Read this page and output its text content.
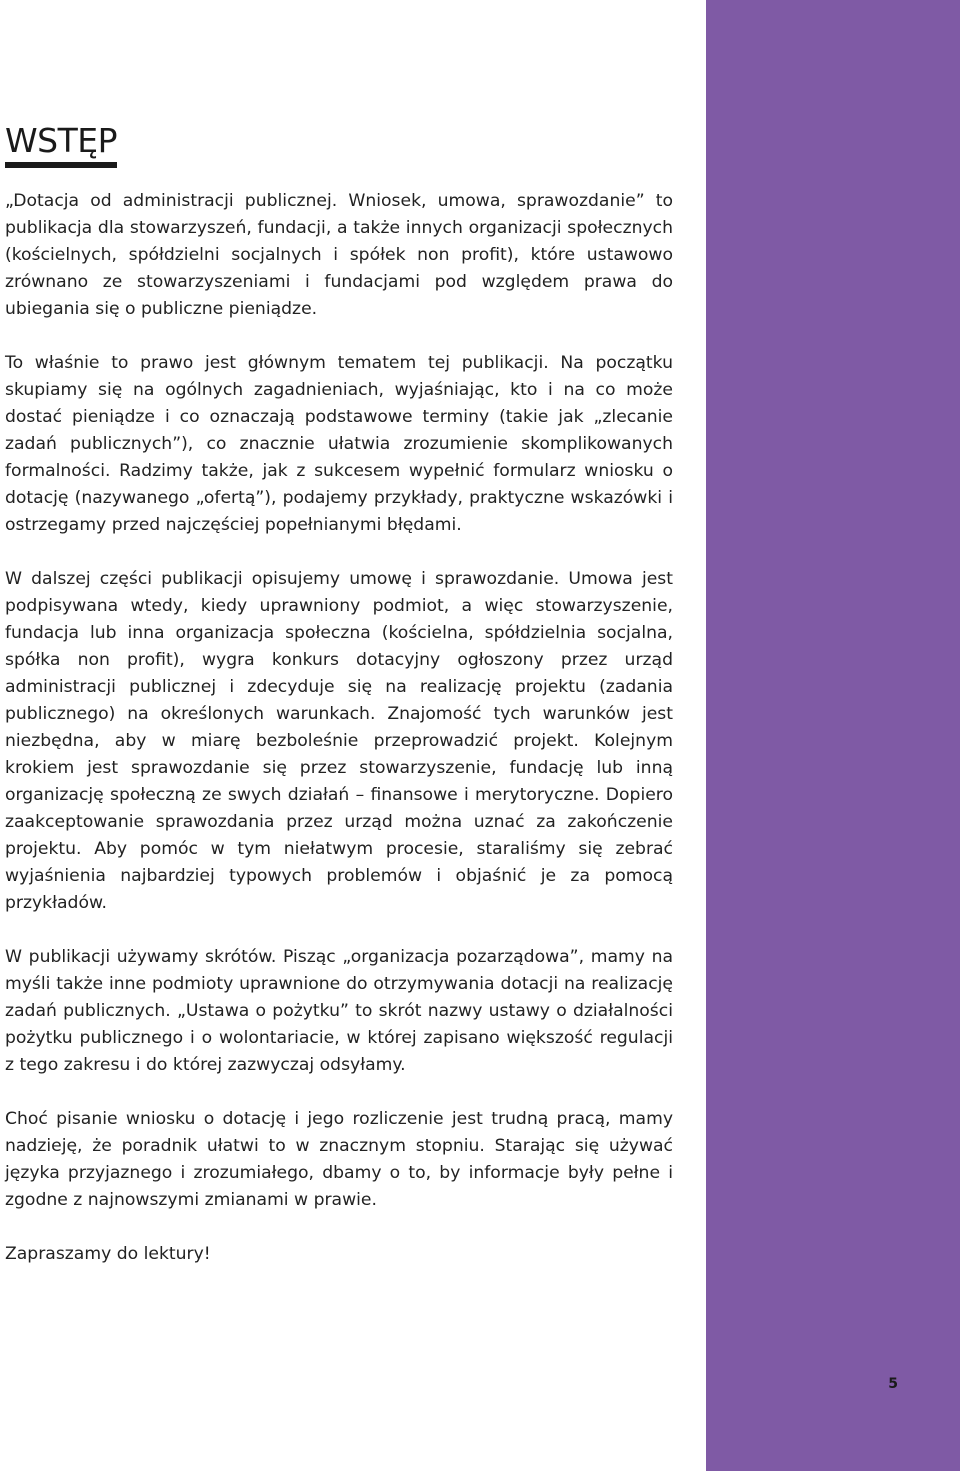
WSTĘP

„Dotacja od administracji publicznej. Wniosek, umowa, sprawozdanie” to publikacja dla stowarzyszeń, fundacji, a także innych organizacji społecznych (kościelnych, spółdzielni socjalnych i spółek non profit), które ustawowo zrównano ze stowarzyszeniami i fundacjami pod względem prawa do ubiegania się o publiczne pieniądze.

To właśnie to prawo jest głównym tematem tej publikacji. Na początku skupiamy się na ogólnych zagadnieniach, wyjaśniając, kto i na co może dostać pieniądze i co oznaczają podstawowe terminy (takie jak „zlecanie zadań publicznych”), co znacznie ułatwia zrozumienie skomplikowanych formalności. Radzimy także, jak z sukcesem wypełnić formularz wniosku o dotację (nazywanego „ofertą”), podajemy przykłady, praktyczne wskazówki i ostrzegamy przed najczęściej popełnianymi błędami.

W dalszej części publikacji opisujemy umowę i sprawozdanie. Umowa jest podpisywana wtedy, kiedy uprawniony podmiot, a więc stowarzyszenie, fundacja lub inna organizacja społeczna (kościelna, spółdzielnia socjalna, spółka non profit), wygra konkurs dotacyjny ogłoszony przez urząd administracji publicznej i zdecyduje się na realizację projektu (zadania publicznego) na określonych warunkach. Znajomość tych warunków jest niezbędna, aby w miarę bezboleśnie przeprowadzić projekt. Kolejnym krokiem jest sprawozdanie się przez stowarzyszenie, fundację lub inną organizację społeczną ze swych działań – finansowe i merytoryczne. Dopiero zaakceptowanie sprawozdania przez urząd można uznać za zakończenie projektu. Aby pomóc w tym niełatwym procesie, staraliśmy się zebrać wyjaśnienia najbardziej typowych problemów i objaśnić je za pomocą przykładów.

W publikacji używamy skrótów. Pisząc „organizacja pozarządowa”, mamy na myśli także inne podmioty uprawnione do otrzymywania dotacji na realizację zadań publicznych. „Ustawa o pożytku” to skrót nazwy ustawy o działalności pożytku publicznego i o wolontariacie, w której zapisano większość regulacji z tego zakresu i do której zazwyczaj odsyłamy.

Choć pisanie wniosku o dotację i jego rozliczenie jest trudną pracą, mamy nadzieję, że poradnik ułatwi to w znacznym stopniu. Starając się używać języka przyjaznego i zrozumiałego, dbamy o to, by informacje były pełne i zgodne z najnowszymi zmianami w prawie.

Zapraszamy do lektury!

5
